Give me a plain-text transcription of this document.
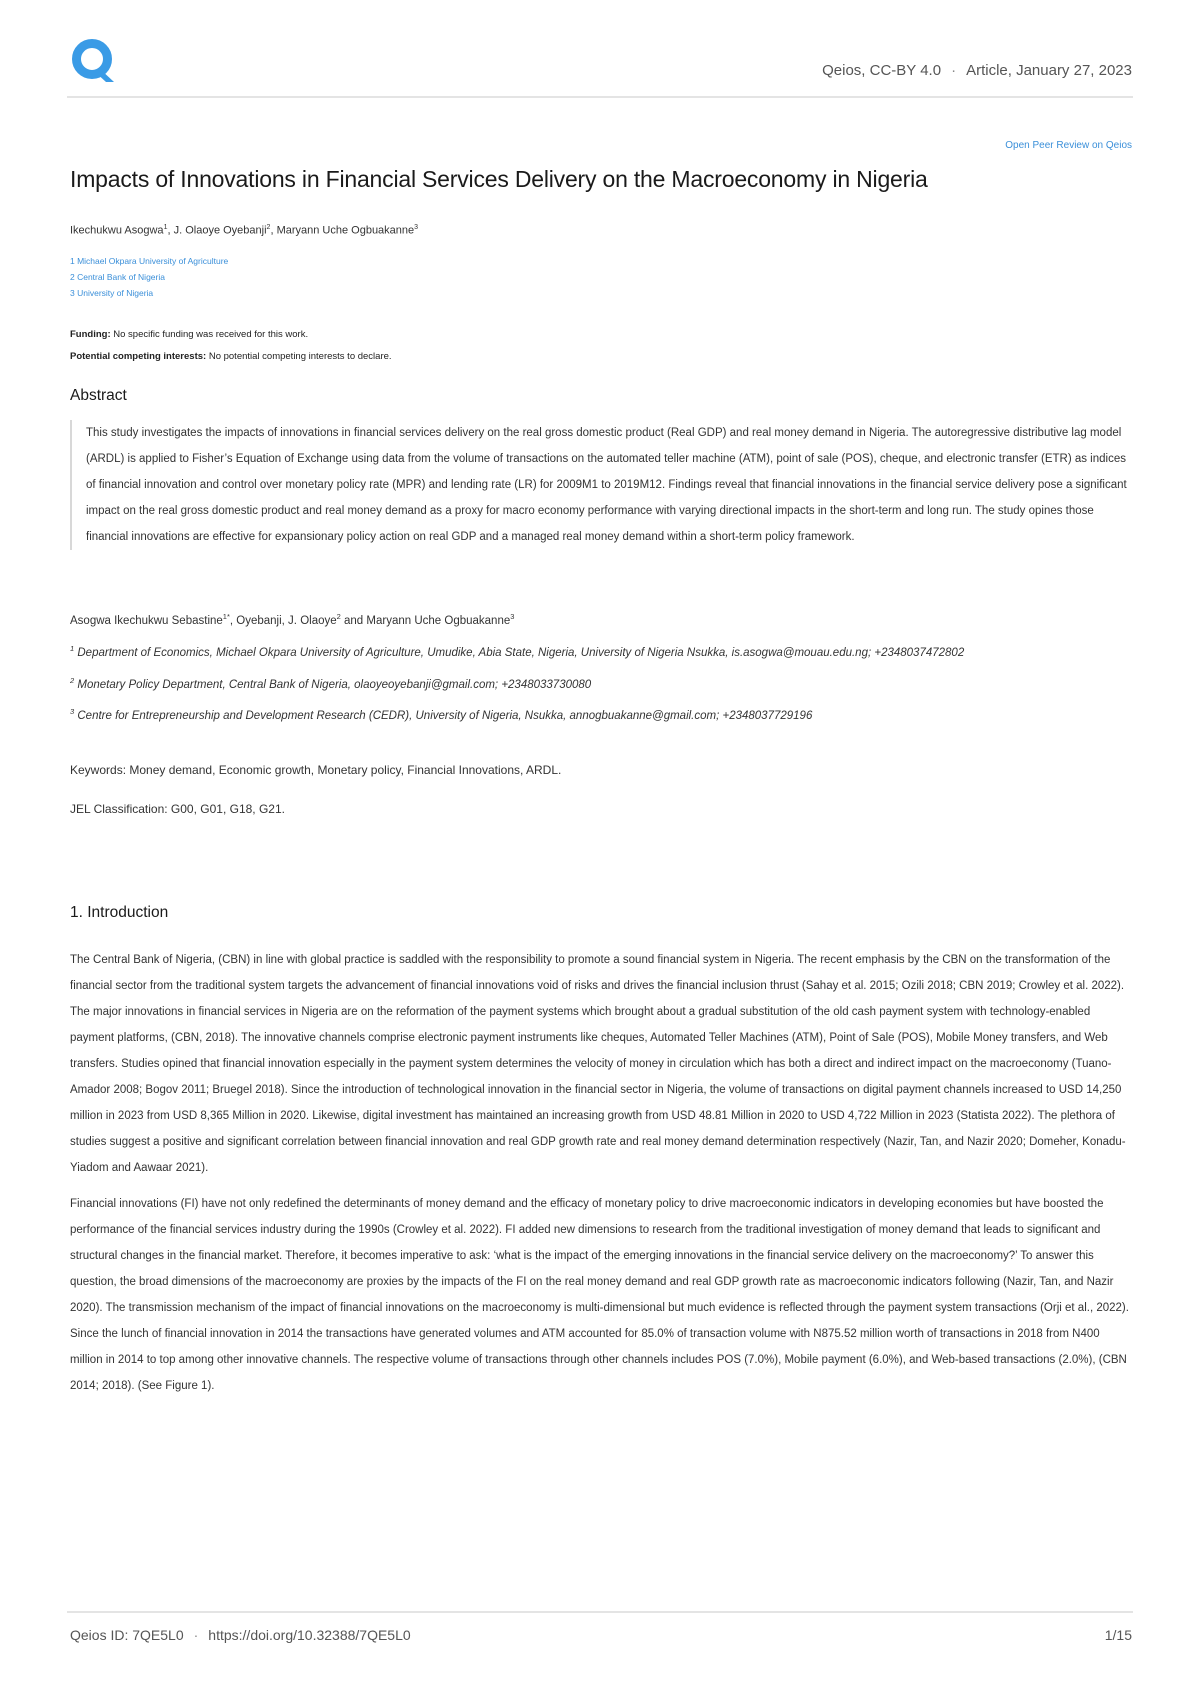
Qeios, CC-BY 4.0 · Article, January 27, 2023
Open Peer Review on Qeios
Impacts of Innovations in Financial Services Delivery on the Macroeconomy in Nigeria
Ikechukwu Asogwa$^1$, J. Olaoye Oyebanji$^2$, Maryann Uche Ogbuakanne$^3$
1 Michael Okpara University of Agriculture
2 Central Bank of Nigeria
3 University of Nigeria
Funding: No specific funding was received for this work.
Potential competing interests: No potential competing interests to declare.
Abstract

This study investigates the impacts of innovations in financial services delivery on the real gross domestic product (Real GDP) and real money demand in Nigeria. The autoregressive distributive lag model (ARDL) is applied to Fisher’s Equation of Exchange using data from the volume of transactions on the automated teller machine (ATM), point of sale (POS), cheque, and electronic transfer (ETR) as indices of financial innovation and control over monetary policy rate (MPR) and lending rate (LR) for 2009M1 to 2019M12. Findings reveal that financial innovations in the financial service delivery pose a significant impact on the real gross domestic product and real money demand as a proxy for macro economy performance with varying directional impacts in the short-term and long run. The study opines those financial innovations are effective for expansionary policy action on real GDP and a managed real money demand within a short-term policy framework.

Asogwa Ikechukwu Sebastine$^{1*}$, Oyebanji, J. Olaoye$^2$ and Maryann Uche Ogbuakanne$^3$

$^1$ Department of Economics, Michael Okpara University of Agriculture, Umudike, Abia State, Nigeria, University of Nigeria Nsukka, is.asogwa@mouau.edu.ng; +2348037472802

$^2$ Monetary Policy Department, Central Bank of Nigeria, olaoyeoyebanji@gmail.com; +2348033730080

$^3$ Centre for Entrepreneurship and Development Research (CEDR), University of Nigeria, Nsukka, annogbuakanne@gmail.com; +2348037729196

Keywords: Money demand, Economic growth, Monetary policy, Financial Innovations, ARDL.
JEL Classification: G00, G01, G18, G21.
1. Introduction

The Central Bank of Nigeria, (CBN) in line with global practice is saddled with the responsibility to promote a sound financial system in Nigeria. The recent emphasis by the CBN on the transformation of the financial sector from the traditional system targets the advancement of financial innovations void of risks and drives the financial inclusion thrust (Sahay et al. 2015; Ozili 2018; CBN 2019; Crowley et al. 2022). The major innovations in financial services in Nigeria are on the reformation of the payment systems which brought about a gradual substitution of the old cash payment system with technology-enabled payment platforms, (CBN, 2018). The innovative channels comprise electronic payment instruments like cheques, Automated Teller Machines (ATM), Point of Sale (POS), Mobile Money transfers, and Web transfers. Studies opined that financial innovation especially in the payment system determines the velocity of money in circulation which has both a direct and indirect impact on the macroeconomy (Tuano-Amador 2008; Bogov 2011; Bruegel 2018). Since the introduction of technological innovation in the financial sector in Nigeria, the volume of transactions on digital payment channels increased to USD 14,250 million in 2023 from USD 8,365 Million in 2020. Likewise, digital investment has maintained an increasing growth from USD 48.81 Million in 2020 to USD 4,722 Million in 2023 (Statista 2022). The plethora of studies suggest a positive and significant correlation between financial innovation and real GDP growth rate and real money demand determination respectively (Nazir, Tan, and Nazir 2020; Domeher, Konadu-Yiadom and Aawaar 2021).

Financial innovations (FI) have not only redefined the determinants of money demand and the efficacy of monetary policy to drive macroeconomic indicators in developing economies but have boosted the performance of the financial services industry during the 1990s (Crowley et al. 2022). FI added new dimensions to research from the traditional investigation of money demand that leads to significant and structural changes in the financial market. Therefore, it becomes imperative to ask: ‘what is the impact of the emerging innovations in the financial service delivery on the macroeconomy?’ To answer this question, the broad dimensions of the macroeconomy are proxies by the impacts of the FI on the real money demand and real GDP growth rate as macroeconomic indicators following (Nazir, Tan, and Nazir 2020). The transmission mechanism of the impact of financial innovations on the macroeconomy is multi-dimensional but much evidence is reflected through the payment system transactions (Orji et al., 2022). Since the lunch of financial innovation in 2014 the transactions have generated volumes and ATM accounted for 85.0% of transaction volume with N875.52 million worth of transactions in 2018 from N400 million in 2014 to top among other innovative channels. The respective volume of transactions through other channels includes POS (7.0%), Mobile payment (6.0%), and Web-based transactions (2.0%), (CBN 2014; 2018). (See Figure 1).

Qeios ID: 7QE5L0 · https://doi.org/10.32388/7QE5L0	1/15
